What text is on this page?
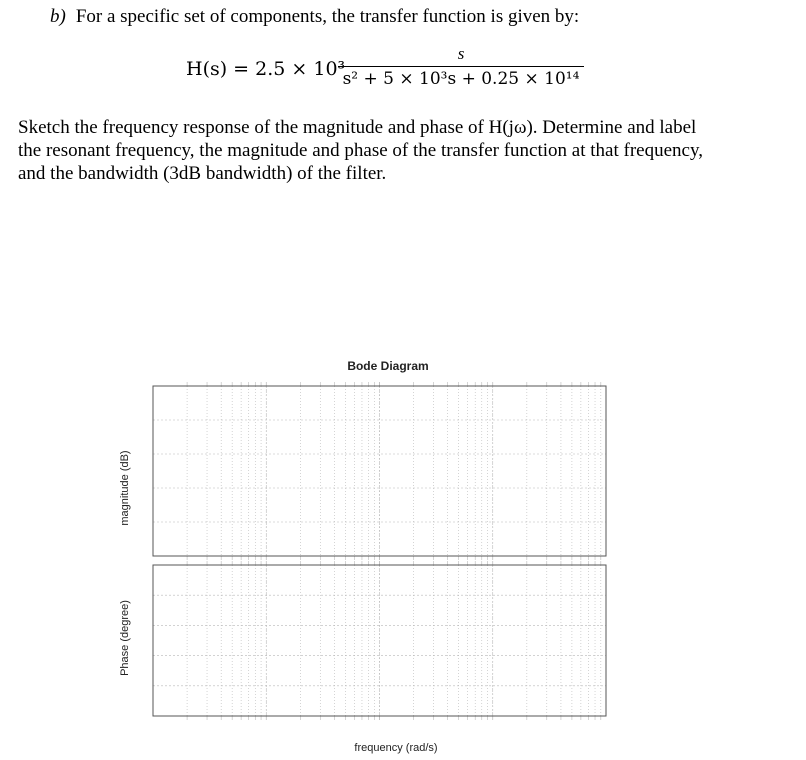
b) For a specific set of components, the transfer function is given by:
H(s) = 2.5 × 10³
s
s² + 5 × 10³s + 0.25 × 10¹⁴

Sketch the frequency response of the magnitude and phase of H(jω). Determine and label

the resonant frequency, the magnitude and phase of the transfer function at that frequency,

and the bandwidth (3dB bandwidth) of the filter.

Bode Diagram
magnitude (dB)
Phase (degree)
frequency (rad/s)
